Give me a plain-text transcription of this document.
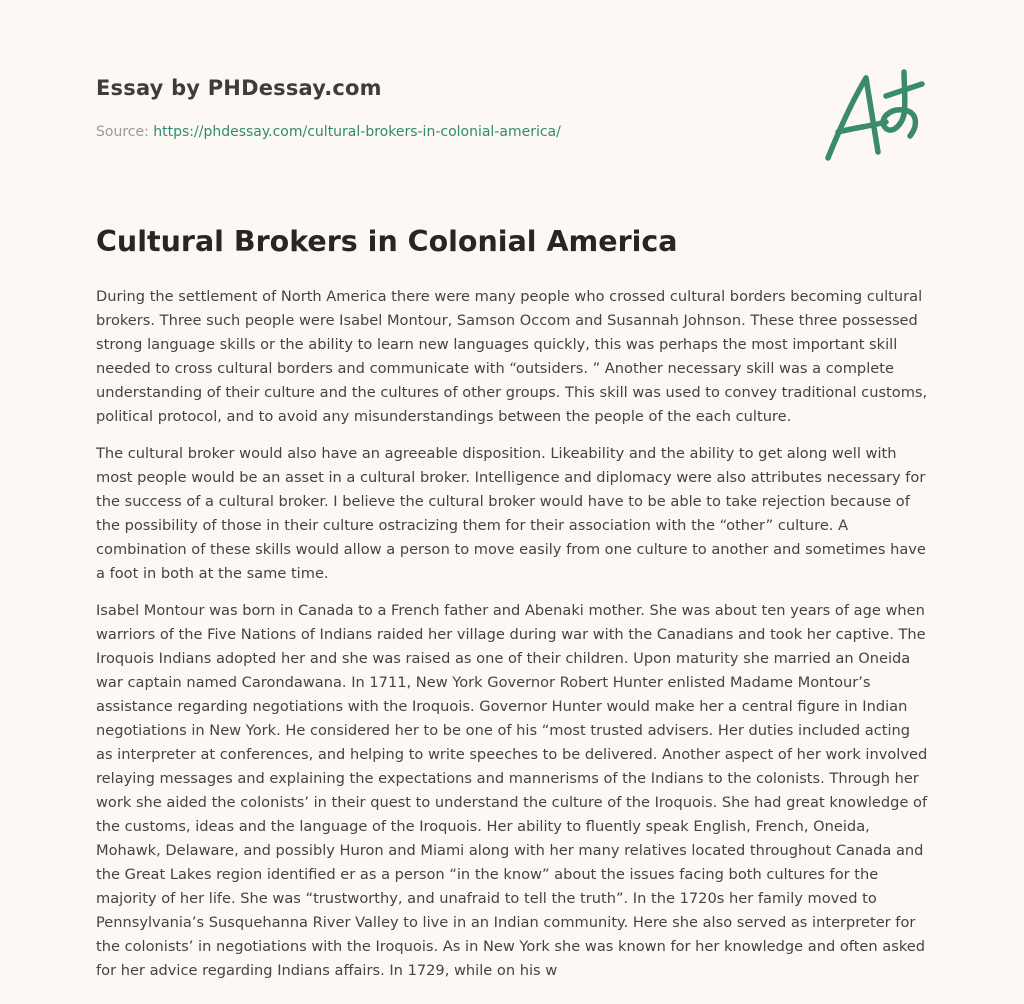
Essay by PHDessay.com

Source: https://phdessay.com/cultural-brokers-in-colonial-america/

Cultural Brokers in Colonial America

During the settlement of North America there were many people who crossed cultural borders becoming cultural brokers. Three such people were Isabel Montour, Samson Occom and Susannah Johnson. These three possessed strong language skills or the ability to learn new languages quickly, this was perhaps the most important skill needed to cross cultural borders and communicate with “outsiders. ” Another necessary skill was a complete understanding of their culture and the cultures of other groups. This skill was used to convey traditional customs, political protocol, and to avoid any misunderstandings between the people of the each culture.

The cultural broker would also have an agreeable disposition. Likeability and the ability to get along well with most people would be an asset in a cultural broker. Intelligence and diplomacy were also attributes necessary for the success of a cultural broker. I believe the cultural broker would have to be able to take rejection because of the possibility of those in their culture ostracizing them for their association with the “other” culture. A combination of these skills would allow a person to move easily from one culture to another and sometimes have a foot in both at the same time.

Isabel Montour was born in Canada to a French father and Abenaki mother. She was about ten years of age when warriors of the Five Nations of Indians raided her village during war with the Canadians and took her captive. The Iroquois Indians adopted her and she was raised as one of their children. Upon maturity she married an Oneida war captain named Carondawana. In 1711, New York Governor Robert Hunter enlisted Madame Montour’s assistance regarding negotiations with the Iroquois. Governor Hunter would make her a central figure in Indian negotiations in New York. He considered her to be one of his “most trusted advisers. Her duties included acting as interpreter at conferences, and helping to write speeches to be delivered. Another aspect of her work involved relaying messages and explaining the expectations and mannerisms of the Indians to the colonists. Through her work she aided the colonists’ in their quest to understand the culture of the Iroquois. She had great knowledge of the customs, ideas and the language of the Iroquois. Her ability to fluently speak English, French, Oneida, Mohawk, Delaware, and possibly Huron and Miami along with her many relatives located throughout Canada and the Great Lakes region identified er as a person “in the know” about the issues facing both cultures for the majority of her life. She was “trustworthy, and unafraid to tell the truth”. In the 1720s her family moved to Pennsylvania’s Susquehanna River Valley to live in an Indian community. Here she also served as interpreter for the colonists’ in negotiations with the Iroquois. As in New York she was known for her knowledge and often asked for her advice regarding Indians affairs. In 1729, while on his w
